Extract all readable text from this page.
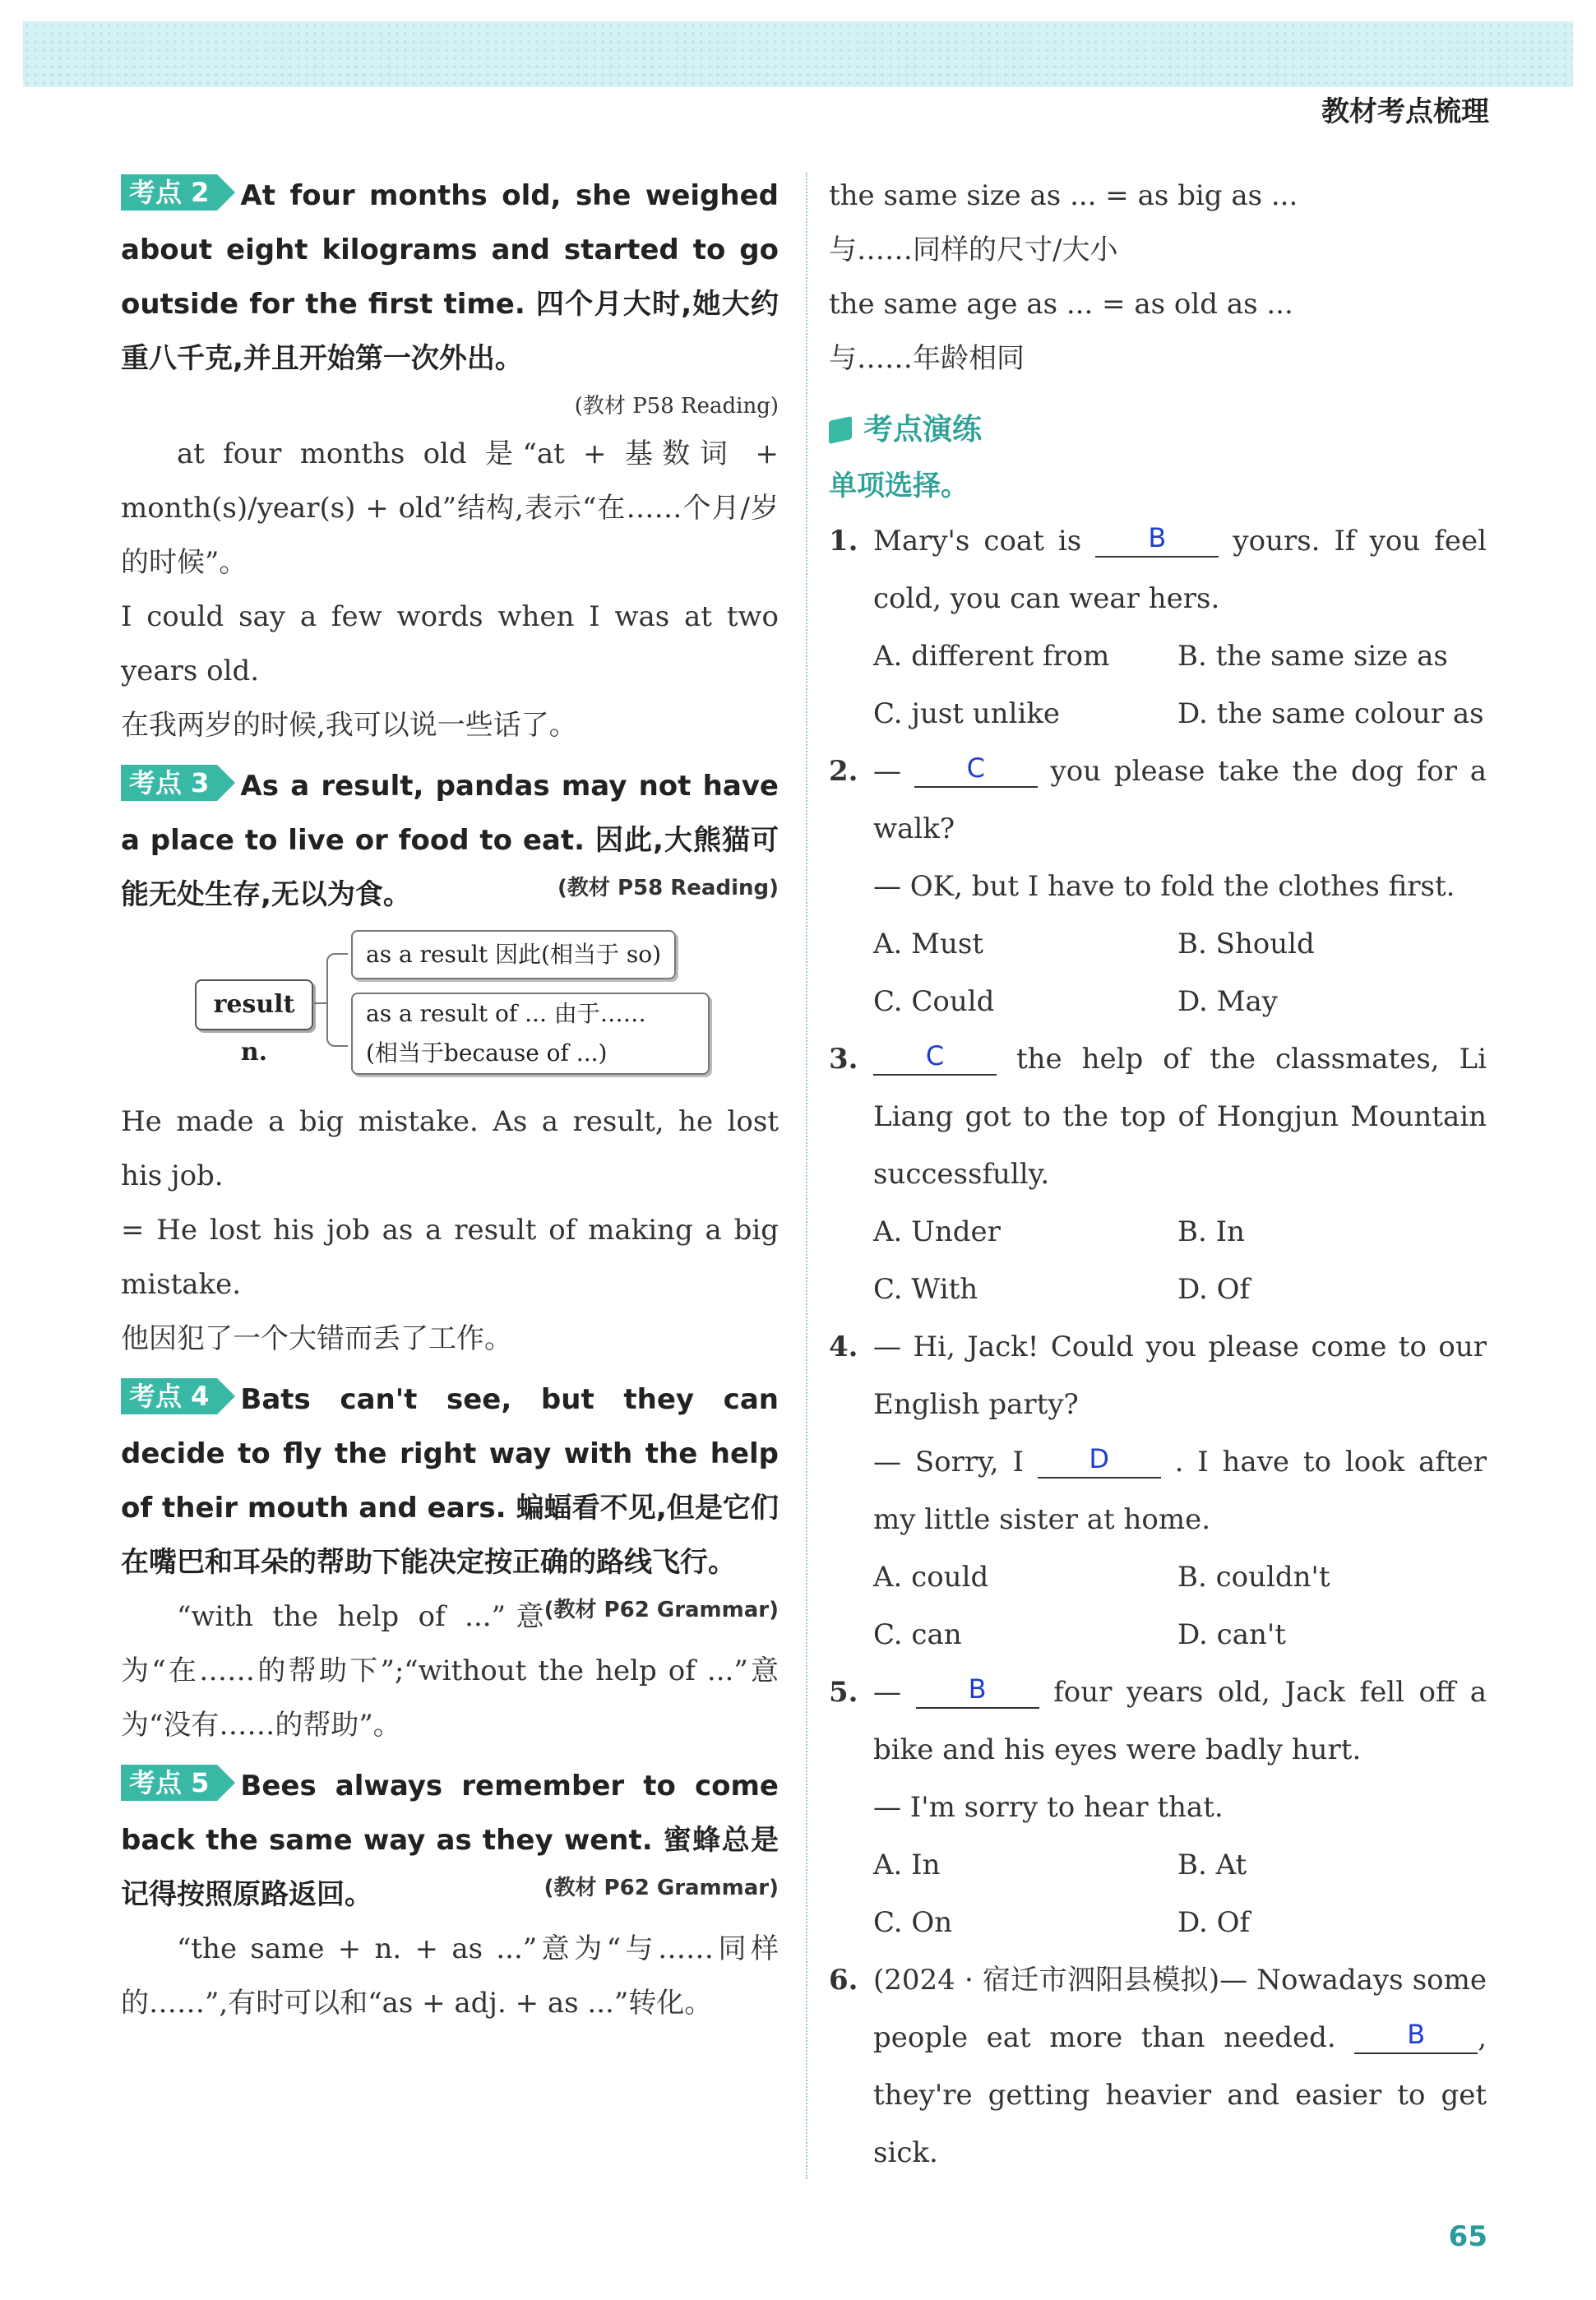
教材考点梳理

考点 2 At four months old, she weighed about eight kilograms and started to go outside for the first time. 四个月大时,她大约重八千克,并且开始第一次外出。

(教材 P58 Reading)

at four months old 是“at + 基数词 + month(s)/year(s) + old”结构,表示“在……个月/岁的时候”。

I could say a few words when I was at two years old.

在我两岁的时候,我可以说一些话了。

考点 3 As a result, pandas may not have a place to live or food to eat. 因此,大熊猫可能无处生存,无以为食。	(教材 P58 Reading)

result n.
as a result 因此(相当于 so)
as a result of ... 由于……
(相当于because of ...)

He made a big mistake. As a result, he lost his job.

= He lost his job as a result of making a big mistake.

他因犯了一个大错而丢了工作。

考点 4 Bats can't see, but they can decide to fly the right way with the help of their mouth and ears. 蝙蝠看不见,但是它们在嘴巴和耳朵的帮助下能决定按正确的路线飞行。
(教材 P62 Grammar)

“with the help of ...”意为“在……的帮助下”;“without the help of ...”意为“没有……的帮助”。

考点 5 Bees always remember to come back the same way as they went. 蜜蜂总是记得按照原路返回。	(教材 P62 Grammar)

“the same + n. + as ...”意为“与……同样的……”,有时可以和“as + adj. + as ...”转化。

the same size as ... = as big as ...

与……同样的尺寸/大小

the same age as ... = as old as ...

与……年龄相同

考点演练
单项选择。
1. Mary's coat is	B yours. If you feel cold, you can wear hers.

A. different from	B. the same size as
C. just unlike	D. the same colour as
2. — C you please take the dog for a walk?

— OK, but I have to fold the clothes first.

A. Must	B. Should
C. Could	D. May
3.	C	the help of the classmates, Li Liang got to the top of Hongjun Mountain successfully.

A. Under	B. In
C. With	D. Of
4. — Hi, Jack! Could you please come to our English party?

— Sorry, I D . I have to look after my little sister at home.

A. could	B. couldn't
C. can	D. can't
5. —	B four years old, Jack fell off a bike and his eyes were badly hurt.

— I'm sorry to hear that.

A. In	B. At
C. On	D. Of
6. (2024 · 宿迁市泗阳县模拟)— Nowadays some people eat more than needed.	B , they're getting heavier and easier to get sick.

65
